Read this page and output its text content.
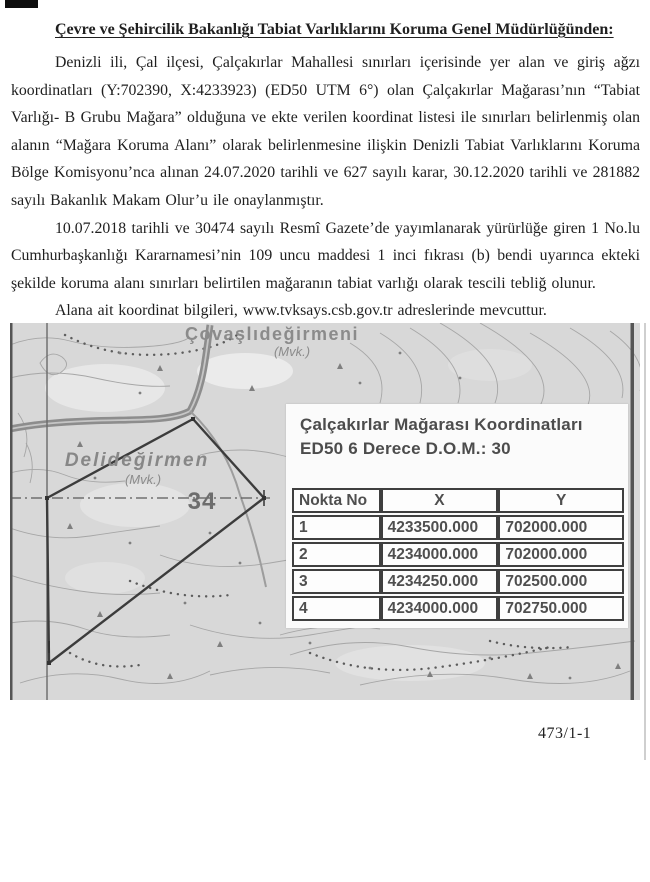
Çevre ve Şehircilik Bakanlığı Tabiat Varlıklarını Koruma Genel Müdürlüğünden:

Denizli ili, Çal ilçesi, Çalçakırlar Mahallesi sınırları içerisinde yer alan ve giriş ağzı koordinatları (Y:702390, X:4233923) (ED50 UTM 6°) olan Çalçakırlar Mağarası’nın “Tabiat Varlığı- B Grubu Mağara” olduğuna ve ekte verilen koordinat listesi ile sınırları belirlenmiş olan alanın “Mağara Koruma Alanı” olarak belirlenmesine ilişkin Denizli Tabiat Varlıklarını Koruma Bölge Komisyonu’nca alınan 24.07.2020 tarihli ve 627 sayılı karar, 30.12.2020 tarihli ve 281882 sayılı Bakanlık Makam Olur’u ile onaylanmıştır.

10.07.2018 tarihli ve 30474 sayılı Resmî Gazete’de yayımlanarak yürürlüğe giren 1 No.lu Cumhurbaşkanlığı Kararnamesi’nin 109 uncu maddesi 1 inci fıkrası (b) bendi uyarınca ekteki şekilde koruma alanı sınırları belirtilen mağaranın tabiat varlığı olarak tescili tebliğ olunur.

Alana ait koordinat bilgileri, www.tvksays.csb.gov.tr adreslerinde mevcuttur.

Çovaşlıdeğirmeni
(Mvk.)
Delideğirmen
(Mvk.)
34
Çalçakırlar Mağarası Koordinatları
ED50 6 Derece D.O.M.: 30
Nokta No	X	Y
1	4233500.000	702000.000
2	4234000.000	702000.000
3	4234250.000	702500.000
4	4234000.000	702750.000
473/1-1
